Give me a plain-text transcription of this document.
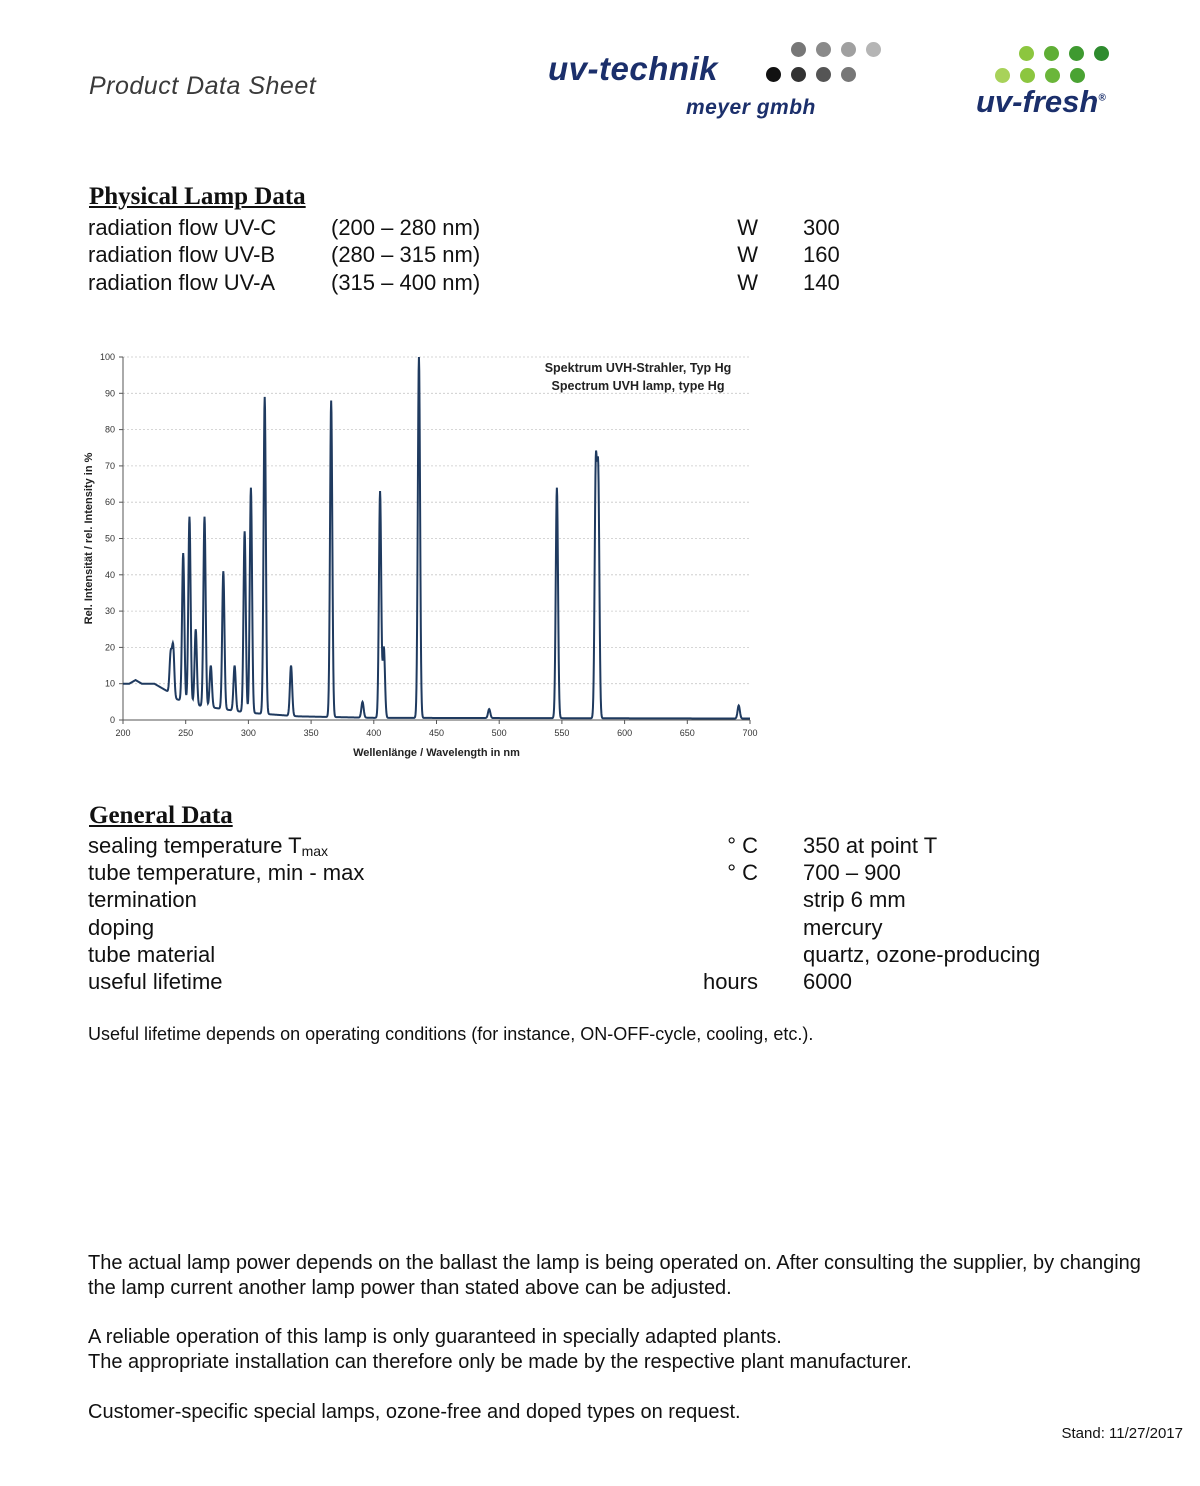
Product Data Sheet	uv-technik
meyer gmbh	uv-fresh®
Physical Lamp Data
radiation flow UV-C (200 – 280 nm)	W 300
radiation flow UV-B	(280 – 315 nm)	W 160
radiation flow UV-A	(315 – 400 nm)	W 140
0
10
20
30
40
50
60
70
80
90
100
200	250	300	350	400	450	500	550	600	650	700
Wellenlänge / Wavelength in nm
Rel. Intensität / rel. Intensity in %
Spektrum UVH-Strahler, Typ Hg
Spectrum UVH lamp, type Hg
General Data
sealing temperature $T_{max}$	° C 350 at point T
tube temperature, min - max	° C 700 – 900
termination	strip 6 mm
doping	mercury
tube material	quartz, ozone-producing
useful lifetime	hours 6000
Useful lifetime depends on operating conditions (for instance, ON-OFF-cycle, cooling, etc.).
The actual lamp power depends on the ballast the lamp is being operated on. After consulting the supplier, by changing the lamp current another lamp power than stated above can be adjusted.
A reliable operation of this lamp is only guaranteed in specially adapted plants.
The appropriate installation can therefore only be made by the respective plant manufacturer.
Customer-specific special lamps, ozone-free and doped types on request.
Stand: 11/27/2017
